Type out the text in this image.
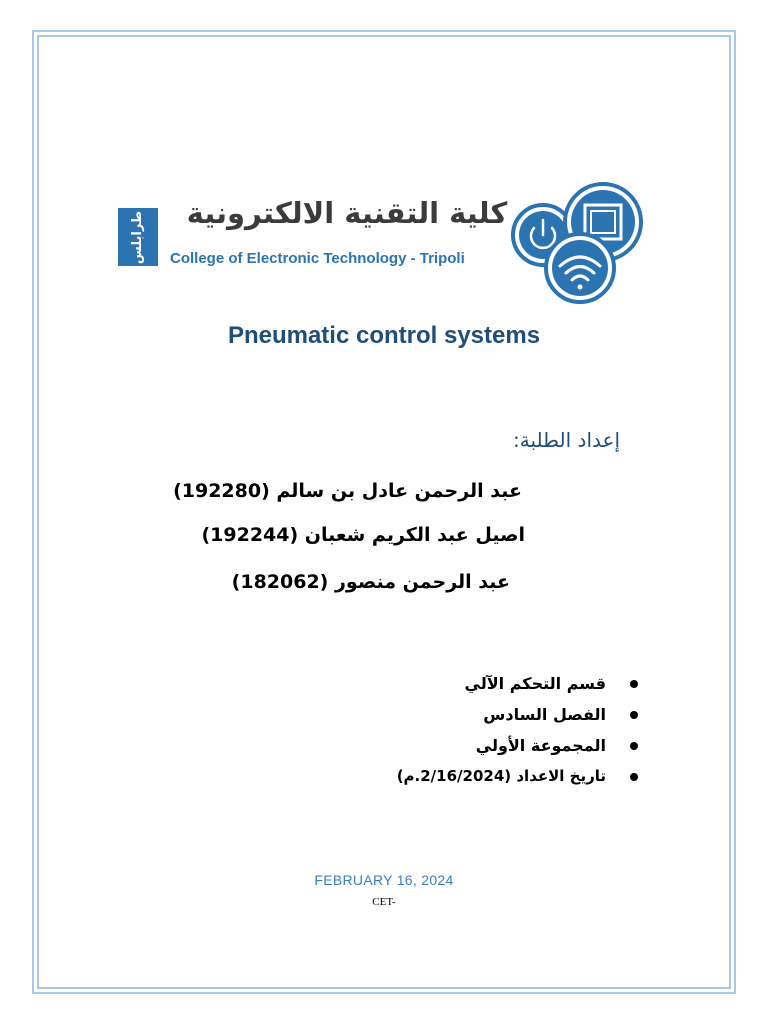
طرابلس	كلية التقنية الالكترونية
College of Electronic Technology - Tripoli
Pneumatic control systems
إعداد الطلبة:
عبد الرحمن عادل بن سالم (192280)
اصيل عبد الكريم شعبان (192244)
عبد الرحمن منصور (182062)
قسم التحكم الآلي
الفصل السادس
المجموعة الأولي
تاريخ الاعداد (2/16/2024.م)
FEBRUARY 16, 2024
CET-
